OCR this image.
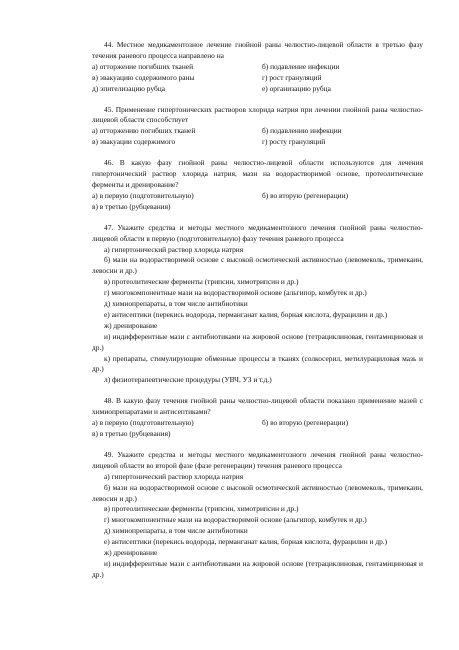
44. Местное медикаментозное лечение гнойной раны челюстно-лицевой области в третью фазу течения раневого процесса направлено на

а) отторжение погибших тканей	б) подавление инфекции
в) эвакуацию содержимого раны	г) рост грануляций
д) эпителизацию рубца	е) организацию рубца

45. Применение гипертонических растворов хлорида натрия при лечении гнойной раны челюстно-лицевой области способствует

а) отторжению погибших тканей	б) подавлению инфекции
в) эвакуации содержимого	г) росту грануляций

46. В какую фазу гнойной раны челюстно-лицевой области используются для лечения гипертонический раствор хлорида натрия, мази на водорастворимой основе, протеолитические ферменты и дренирование?

а) в первую (подготовительную)	б) во вторую (регенерации)

в) в третью (рубцевания)

47. Укажите средства и методы местного медикаментозного лечения гнойной раны челюстно-лицевой области в первую (подготовительную) фазу течения раневого процесса

а) гипертонический раствор хлорида натрия

б) мази на водорастворимой основе с высокой осмотической активностью (левомеколь, тримекаин, левосин и др.)

в) протеолитические ферменты (трипсин, химотрипсин и др.)

г) многокомпонентные мази на водорастворимой основе (альгипор, комбутек и др.)

д) химиопрепараты, в том числе антибиотики

е) антисептики (перекись водорода, перманганат калия, борная кислота, фурацилин и др.)

ж) дренирование

и) индифферентные мази с антибиотиками на жировой основе (тетрациклиновая, гентамициновая и др.)

к) препараты, стимулирующие обменные процессы в тканях (солкосерил, метилурациловая мазь и др.)

л) физиотерапевтические процедуры (УВЧ, УЗ и т.д.)

48. В какую фазу течения гнойной раны челюстно-лицевой области показано применение мазей с химиопрепаратами и антисептиками?

а) в первую (подготовительную)	б) во вторую (регенерации)

в) в третью (рубцевания)

49. Укажите средства и методы местного медикаментозного лечения гнойной раны челюстно-лицевой области во второй фазе (фазе регенерации) течения раневого процесса

а) гипертонический раствор хлорида натрия

б) мази на водорастворимой основе с высокой осмотической активностью (левомеколь, тримекаин, левосин и др.)

в) протеолитические ферменты (трипсин, химотрипсин и др.)

г) многокомпонентные мази на водорастворимой основе (альгипор, комбутек и др.)

д) химиопрепараты, в том числе антибиотики

е) антисептики (перекись водорода, перманганат калия, борная кислота, фурацилин и др.)

ж) дренирование

и) индифферентные мази с антибиотиками на жировой основе (тетрациклиновая, гентамициновая и др.)
